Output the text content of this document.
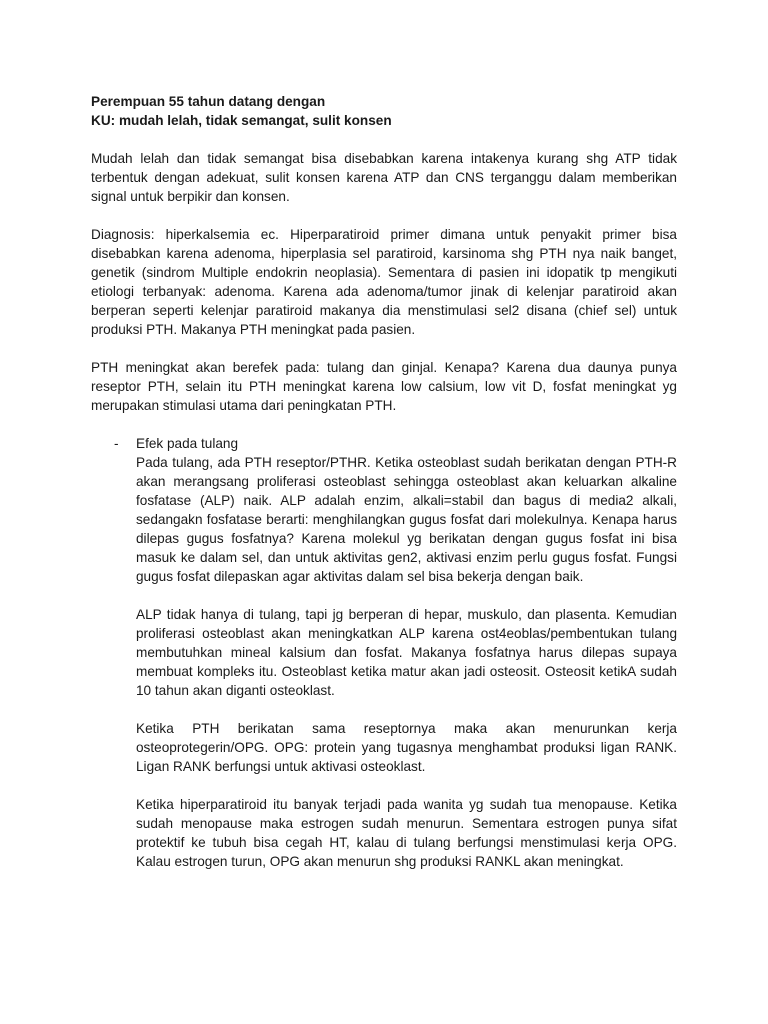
Perempuan 55 tahun datang dengan

KU: mudah lelah, tidak semangat, sulit konsen

Mudah lelah dan tidak semangat bisa disebabkan karena intakenya kurang shg ATP tidak terbentuk dengan adekuat, sulit konsen karena ATP dan CNS terganggu dalam memberikan signal untuk berpikir dan konsen.

Diagnosis: hiperkalsemia ec. Hiperparatiroid primer dimana untuk penyakit primer bisa disebabkan karena adenoma, hiperplasia sel paratiroid, karsinoma shg PTH nya naik banget, genetik (sindrom Multiple endokrin neoplasia). Sementara di pasien ini idopatik tp mengikuti etiologi terbanyak: adenoma. Karena ada adenoma/tumor jinak di kelenjar paratiroid akan berperan seperti kelenjar paratiroid makanya dia menstimulasi sel2 disana (chief sel) untuk produksi PTH. Makanya PTH meningkat pada pasien.

PTH meningkat akan berefek pada: tulang dan ginjal. Kenapa? Karena dua daunya punya reseptor PTH, selain itu PTH meningkat karena low calsium, low vit D, fosfat meningkat yg merupakan stimulasi utama dari peningkatan PTH.

- Efek pada tulang

Pada tulang, ada PTH reseptor/PTHR. Ketika osteoblast sudah berikatan dengan PTH-R akan merangsang proliferasi osteoblast sehingga osteoblast akan keluarkan alkaline fosfatase (ALP) naik. ALP adalah enzim, alkali=stabil dan bagus di media2 alkali, sedangakn fosfatase berarti: menghilangkan gugus fosfat dari molekulnya. Kenapa harus dilepas gugus fosfatnya? Karena molekul yg berikatan dengan gugus fosfat ini bisa masuk ke dalam sel, dan untuk aktivitas gen2, aktivasi enzim perlu gugus fosfat. Fungsi gugus fosfat dilepaskan agar aktivitas dalam sel bisa bekerja dengan baik.

ALP tidak hanya di tulang, tapi jg berperan di hepar, muskulo, dan plasenta. Kemudian proliferasi osteoblast akan meningkatkan ALP karena ost4eoblas/pembentukan tulang membutuhkan mineal kalsium dan fosfat. Makanya fosfatnya harus dilepas supaya membuat kompleks itu. Osteoblast ketika matur akan jadi osteosit. Osteosit ketikA sudah 10 tahun akan diganti osteoklast.

Ketika PTH berikatan sama reseptornya maka akan menurunkan kerja osteoprotegerin/OPG. OPG: protein yang tugasnya menghambat produksi ligan RANK. Ligan RANK berfungsi untuk aktivasi osteoklast.

Ketika hiperparatiroid itu banyak terjadi pada wanita yg sudah tua menopause. Ketika sudah menopause maka estrogen sudah menurun. Sementara estrogen punya sifat protektif ke tubuh bisa cegah HT, kalau di tulang berfungsi menstimulasi kerja OPG. Kalau estrogen turun, OPG akan menurun shg produksi RANKL akan meningkat.
